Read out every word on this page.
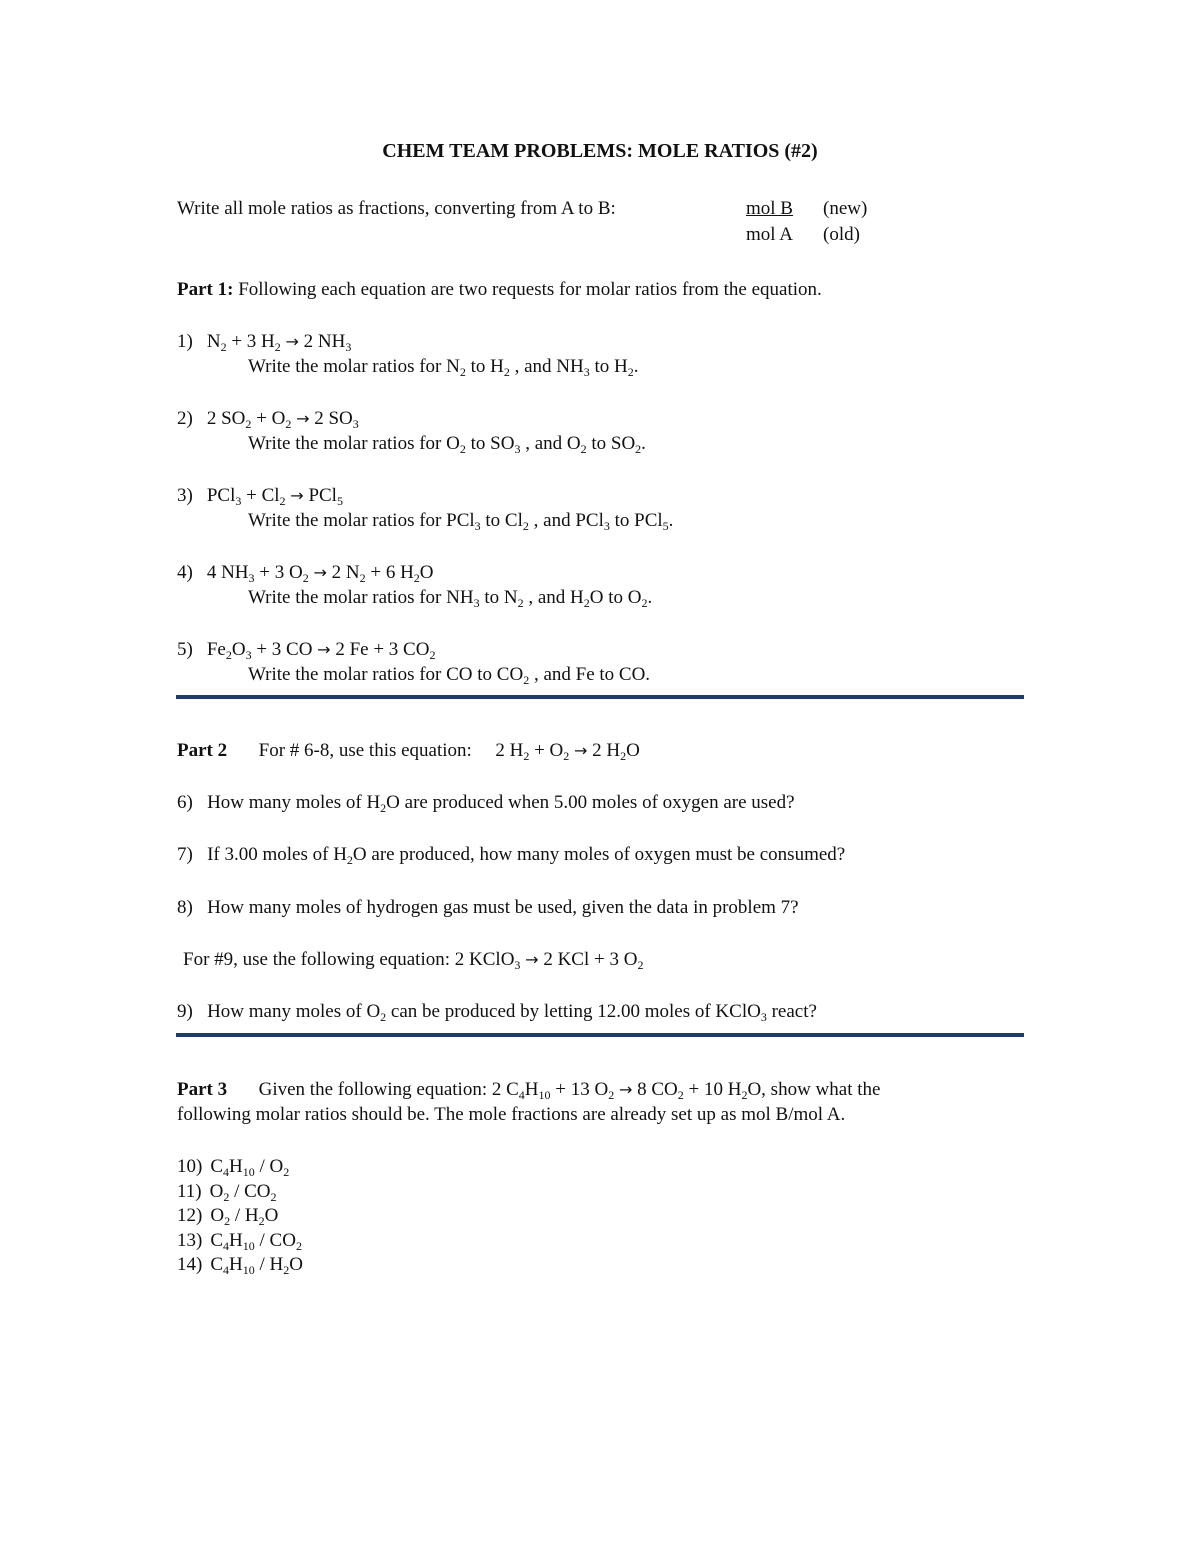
CHEM TEAM PROBLEMS: MOLE RATIOS (#2)
Write all mole ratios as fractions, converting from A to B:	mol B (new)
mol A (old)
Part 1: Following each equation are two requests for molar ratios from the equation.
1) $N_2 + 3$ $H_2 \to 2$ $NH_3$
Write the molar ratios for $N_2$ to $H_2$ , and $NH_3$ to $H_2$.
2) 2 $SO_2 + O_2 \to 2$ $SO_3$
Write the molar ratios for $O_2$ to $SO_3$ , and $O_2$ to $SO_2$.
3) $PCl_3 + Cl_2 \to PCl_5$
Write the molar ratios for PCl$_3$ to $Cl_2$ , and PCl$_3$ to PCl$_5$.
4) 4 $NH_3 + 3$ $O_2 \to 2$ $N_2 + 6$ $H_2O$
Write the molar ratios for $NH_3$ to $N_2$ , and $H_2O$ to $O_2$.
5) $Fe_2O_3 + 3$ CO → 2 Fe + 3 $CO_2$
Write the molar ratios for CO to $CO_2$ , and Fe to CO.
Part 2 For # 6-8, use this equation: 2 $H_2 + O_2 \to 2$ $H_2O$
6) How many moles of $H_2O$ are produced when 5.00 moles of oxygen are used?
7) If 3.00 moles of $H_2O$ are produced, how many moles of oxygen must be consumed?
8) How many moles of hydrogen gas must be used, given the data in problem 7?
For #9, use the following equation: 2 KClO$_3$ → 2 KCl + 3 $O_2$
9) How many moles of $O_2$ can be produced by letting 12.00 moles of KClO$_3$ react?
Part 3 Given the following equation: 2 $C_4H_{10} + 13$ $O_2 \to 8$ $CO_2 + 10$ $H_2O$, show what the
following molar ratios should be. The mole fractions are already set up as mol B/mol A.
10) $C_4H_{10} / O_2$
11) $O_2 / CO_2$
12) $O_2 / H_2O$
13) $C_4H_{10} / CO_2$
14) $C_4H_{10} / H_2O$
